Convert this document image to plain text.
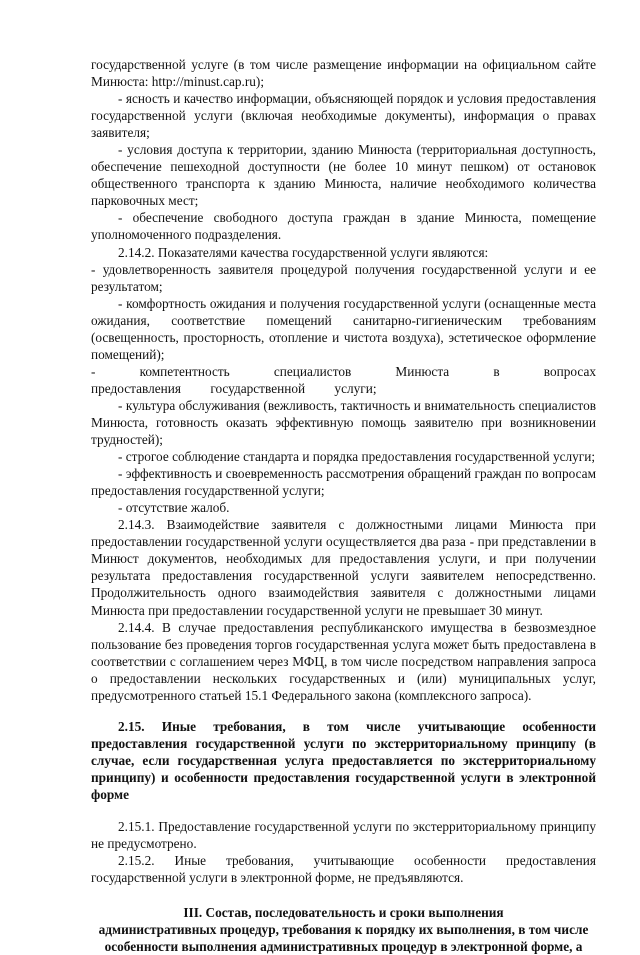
государственной услуге (в том числе размещение информации на официальном сайте Минюста: http://minust.cap.ru);

- ясность и качество информации, объясняющей порядок и условия предоставления государственной услуги (включая необходимые документы), информация о правах заявителя;

- условия доступа к территории, зданию Минюста (территориальная доступность, обеспечение пешеходной доступности (не более 10 минут пешком) от остановок общественного транспорта к зданию Минюста, наличие необходимого количества парковочных мест;

- обеспечение свободного доступа граждан в здание Минюста, помещение уполномоченного подразделения.

2.14.2. Показателями качества государственной услуги являются:

- удовлетворенность заявителя процедурой получения государственной услуги и ее результатом;

- комфортность ожидания и получения государственной услуги (оснащенные места ожидания, соответствие помещений санитарно-гигиеническим требованиям (освещенность, просторность, отопление и чистота воздуха), эстетическое оформление помещений);

- компетентность специалистов Минюста в вопросах предоставления государственной услуги;

- культура обслуживания (вежливость, тактичность и внимательность специалистов Минюста, готовность оказать эффективную помощь заявителю при возникновении трудностей);

- строгое соблюдение стандарта и порядка предоставления государственной услуги;

- эффективность и своевременность рассмотрения обращений граждан по вопросам предоставления государственной услуги;

- отсутствие жалоб.

2.14.3. Взаимодействие заявителя с должностными лицами Минюста при предоставлении государственной услуги осуществляется два раза - при представлении в Минюст документов, необходимых для предоставления услуги, и при получении результата предоставления государственной услуги заявителем непосредственно. Продолжительность одного взаимодействия заявителя с должностными лицами Минюста при предоставлении государственной услуги не превышает 30 минут.

2.14.4. В случае предоставления республиканского имущества в безвозмездное пользование без проведения торгов государственная услуга может быть предоставлена в соответствии с соглашением через МФЦ, в том числе посредством направления запроса о предоставлении нескольких государственных и (или) муниципальных услуг, предусмотренного статьей 15.1 Федерального закона (комплексного запроса).

2.15. Иные требования, в том числе учитывающие особенности предоставления государственной услуги по экстерриториальному принципу (в случае, если государственная услуга предоставляется по экстерриториальному принципу) и особенности предоставления государственной услуги в электронной форме

2.15.1. Предоставление государственной услуги по экстерриториальному принципу не предусмотрено.

2.15.2. Иные требования, учитывающие особенности предоставления государственной услуги в электронной форме, не предъявляются.

III. Состав, последовательность и сроки выполнения
административных процедур, требования к порядку их выполнения, в том числе
особенности выполнения административных процедур в электронной форме, а
